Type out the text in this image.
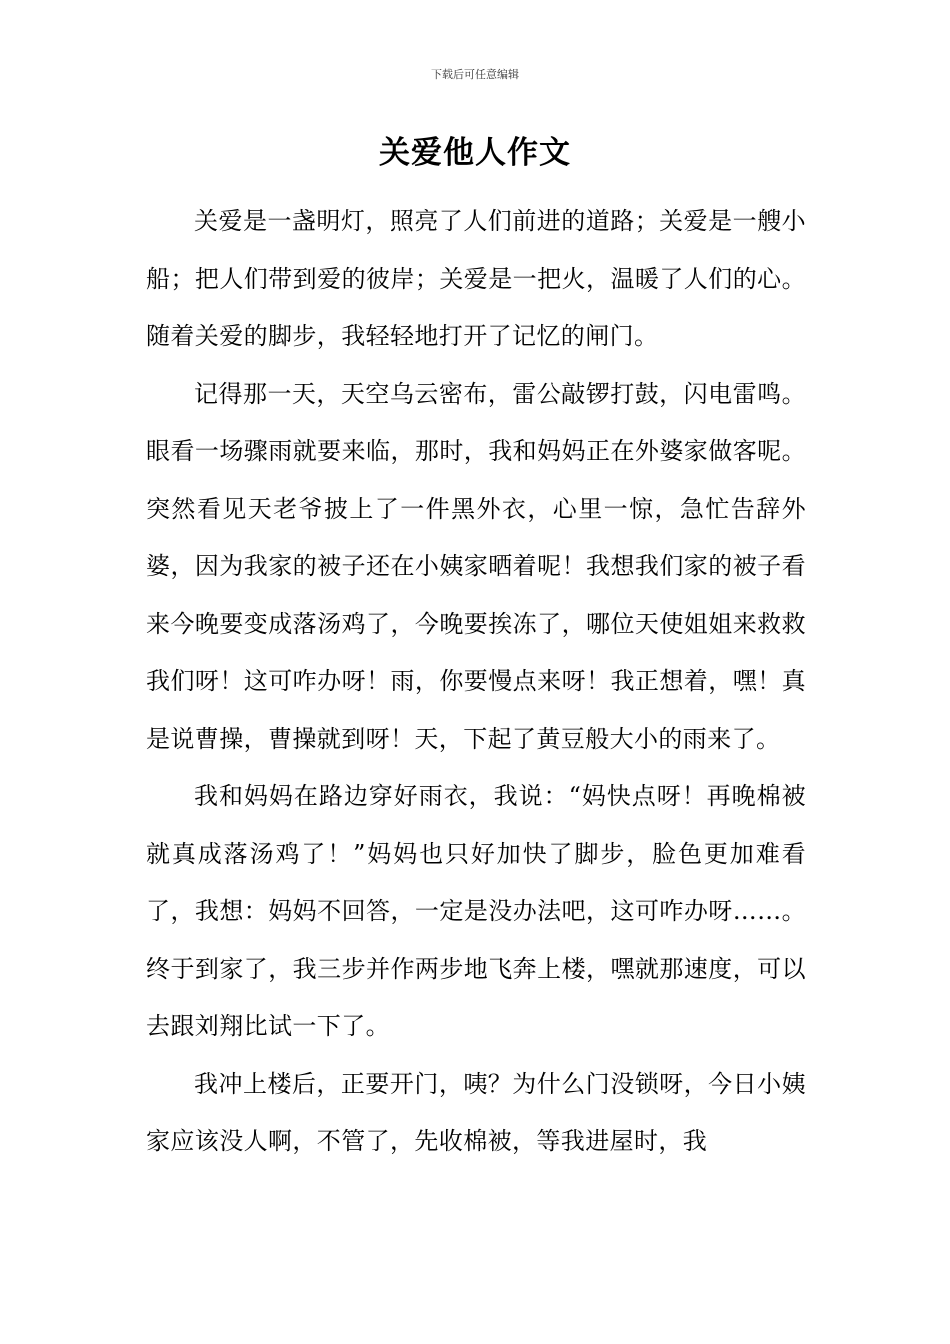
下载后可任意编辑
关爱他人作文

关爱是一盏明灯，照亮了人们前进的道路；关爱是一艘小船；把人们带到爱的彼岸；关爱是一把火，温暖了人们的心。随着关爱的脚步，我轻轻地打开了记忆的闸门。

记得那一天，天空乌云密布，雷公敲锣打鼓，闪电雷鸣。眼看一场骤雨就要来临，那时，我和妈妈正在外婆家做客呢。突然看见天老爷披上了一件黑外衣，心里一惊，急忙告辞外婆，因为我家的被子还在小姨家晒着呢！我想我们家的被子看来今晚要变成落汤鸡了，今晚要挨冻了，哪位天使姐姐来救救我们呀！这可咋办呀！雨，你要慢点来呀！我正想着，嘿！真是说曹操，曹操就到呀！天，下起了黄豆般大小的雨来了。

我和妈妈在路边穿好雨衣，我说：“妈快点呀！再晚棉被就真成落汤鸡了！”妈妈也只好加快了脚步，脸色更加难看了，我想：妈妈不回答，一定是没办法吧，这可咋办呀……。终于到家了，我三步并作两步地飞奔上楼，嘿就那速度，可以去跟刘翔比试一下了。

我冲上楼后，正要开门，咦？为什么门没锁呀，今日小姨家应该没人啊，不管了，先收棉被，等我进屋时，我
